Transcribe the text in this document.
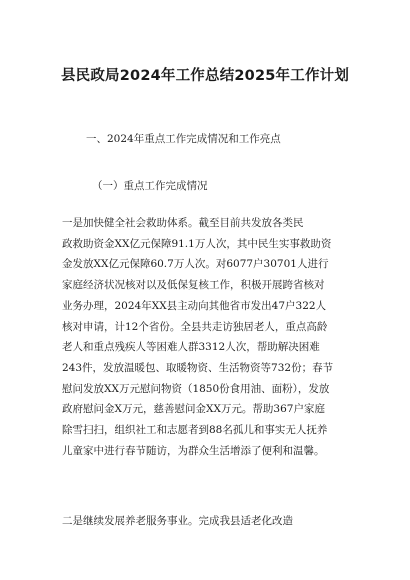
县民政局2024年工作总结2025年工作计划
一、2024年重点工作完成情况和工作亮点
（一）重点工作完成情况
一是加快健全社会救助体系。截至目前共发放各类民
政救助资金XX亿元保障91.1万人次，其中民生实事救助资
金发放XX亿元保障60.7万人次。对6077户30701人进行
家庭经济状况核对以及低保复核工作，积极开展跨省核对
业务办理，2024年XX县主动向其他省市发出47户322人
核对申请，计12个省份。全县共走访独居老人，重点高龄
老人和重点残疾人等困难人群3312人次，帮助解决困难
243件，发放温暖包、取暖物资、生活物资等732份；春节
慰问发放XX万元慰问物资（1850份食用油、面粉），发放
政府慰问金X万元，慈善慰问金XX万元。帮助367户家庭
除雪扫扫，组织社工和志愿者到88名孤儿和事实无人抚养
儿童家中进行春节随访，为群众生活增添了便利和温馨。
二是继续发展养老服务事业。完成我县适老化改造
